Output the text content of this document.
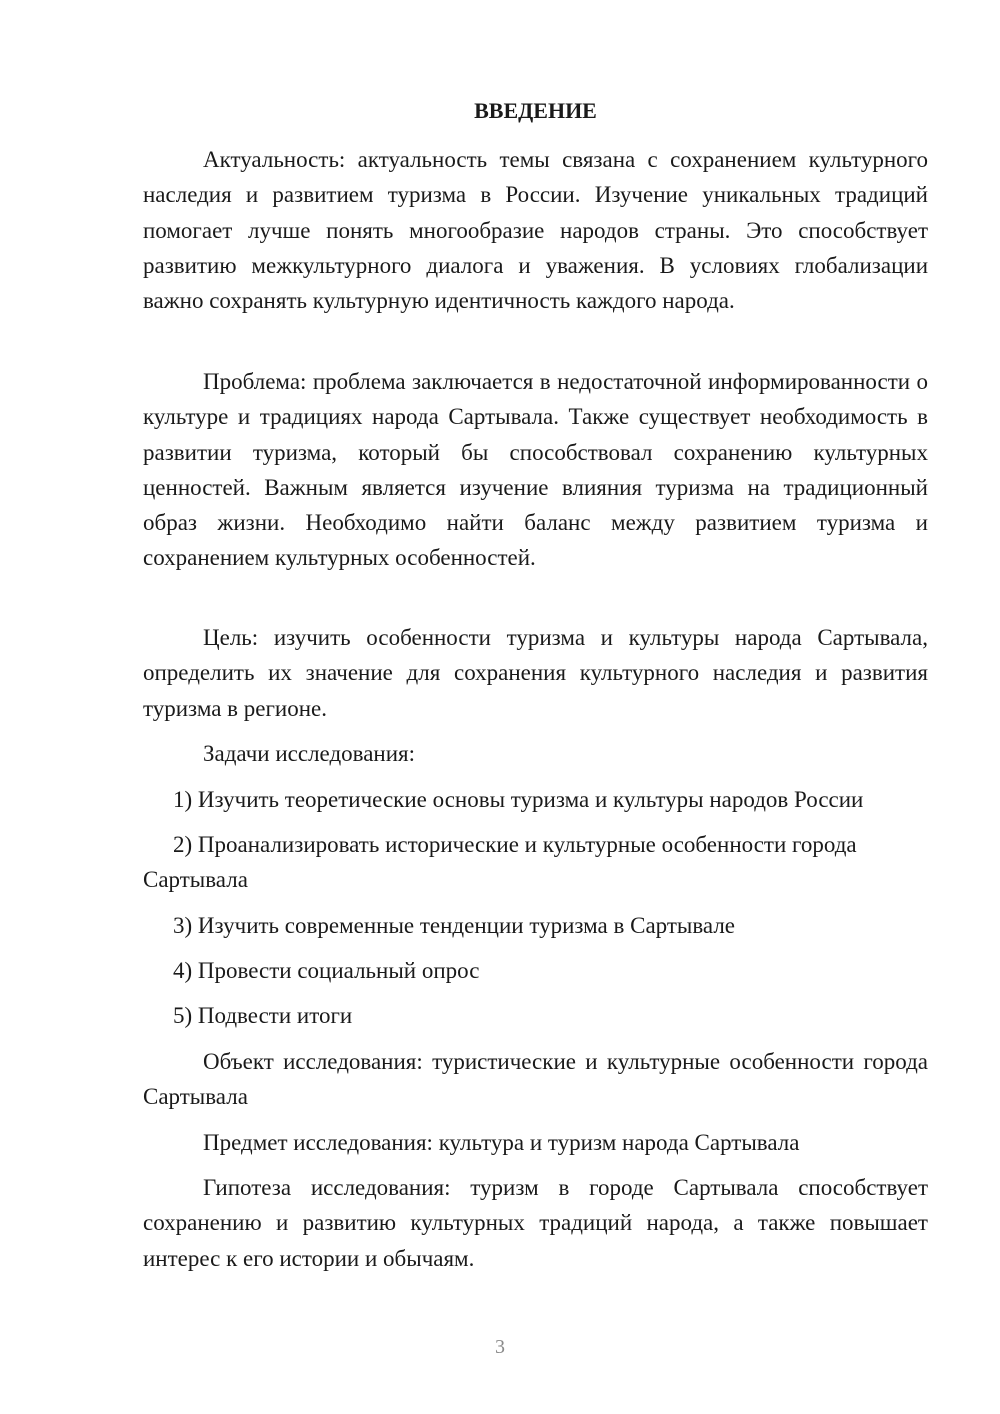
ВВЕДЕНИЕ

Актуальность: актуальность темы связана с сохранением культурного наследия и развитием туризма в России. Изучение уникальных традиций помогает лучше понять многообразие народов страны. Это способствует развитию межкультурного диалога и уважения. В условиях глобализации важно сохранять культурную идентичность каждого народа.

Проблема: проблема заключается в недостаточной информированности о культуре и традициях народа Сартывала. Также существует необходимость в развитии туризма, который бы способствовал сохранению культурных ценностей. Важным является изучение влияния туризма на традиционный образ жизни. Необходимо найти баланс между развитием туризма и сохранением культурных особенностей.

Цель: изучить особенности туризма и культуры народа Сартывала, определить их значение для сохранения культурного наследия и развития туризма в регионе.

Задачи исследования:

1) Изучить теоретические основы туризма и культуры народов России

2) Проанализировать исторические и культурные особенности города Сартывала

3) Изучить современные тенденции туризма в Сартывале

4) Провести социальный опрос

5) Подвести итоги

Объект исследования: туристические и культурные особенности города Сартывала

Предмет исследования: культура и туризм народа Сартывала

Гипотеза исследования: туризм в городе Сартывала способствует сохранению и развитию культурных традиций народа, а также повышает интерес к его истории и обычаям.

3
